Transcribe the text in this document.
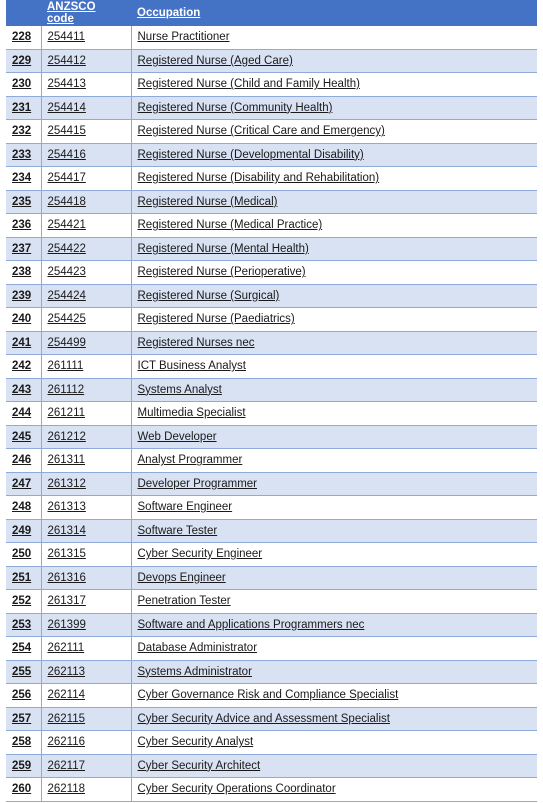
	ANZSCO code	Occupation
228	254411	Nurse Practitioner
229	254412	Registered Nurse (Aged Care)
230	254413	Registered Nurse (Child and Family Health)
231	254414	Registered Nurse (Community Health)
232	254415	Registered Nurse (Critical Care and Emergency)
233	254416	Registered Nurse (Developmental Disability)
234	254417	Registered Nurse (Disability and Rehabilitation)
235	254418	Registered Nurse (Medical)
236	254421	Registered Nurse (Medical Practice)
237	254422	Registered Nurse (Mental Health)
238	254423	Registered Nurse (Perioperative)
239	254424	Registered Nurse (Surgical)
240	254425	Registered Nurse (Paediatrics)
241	254499	Registered Nurses nec
242	261111	ICT Business Analyst
243	261112	Systems Analyst
244	261211	Multimedia Specialist
245	261212	Web Developer
246	261311	Analyst Programmer
247	261312	Developer Programmer
248	261313	Software Engineer
249	261314	Software Tester
250	261315	Cyber Security Engineer
251	261316	Devops Engineer
252	261317	Penetration Tester
253	261399	Software and Applications Programmers nec
254	262111	Database Administrator
255	262113	Systems Administrator
256	262114	Cyber Governance Risk and Compliance Specialist
257	262115	Cyber Security Advice and Assessment Specialist
258	262116	Cyber Security Analyst
259	262117	Cyber Security Architect
260	262118	Cyber Security Operations Coordinator
